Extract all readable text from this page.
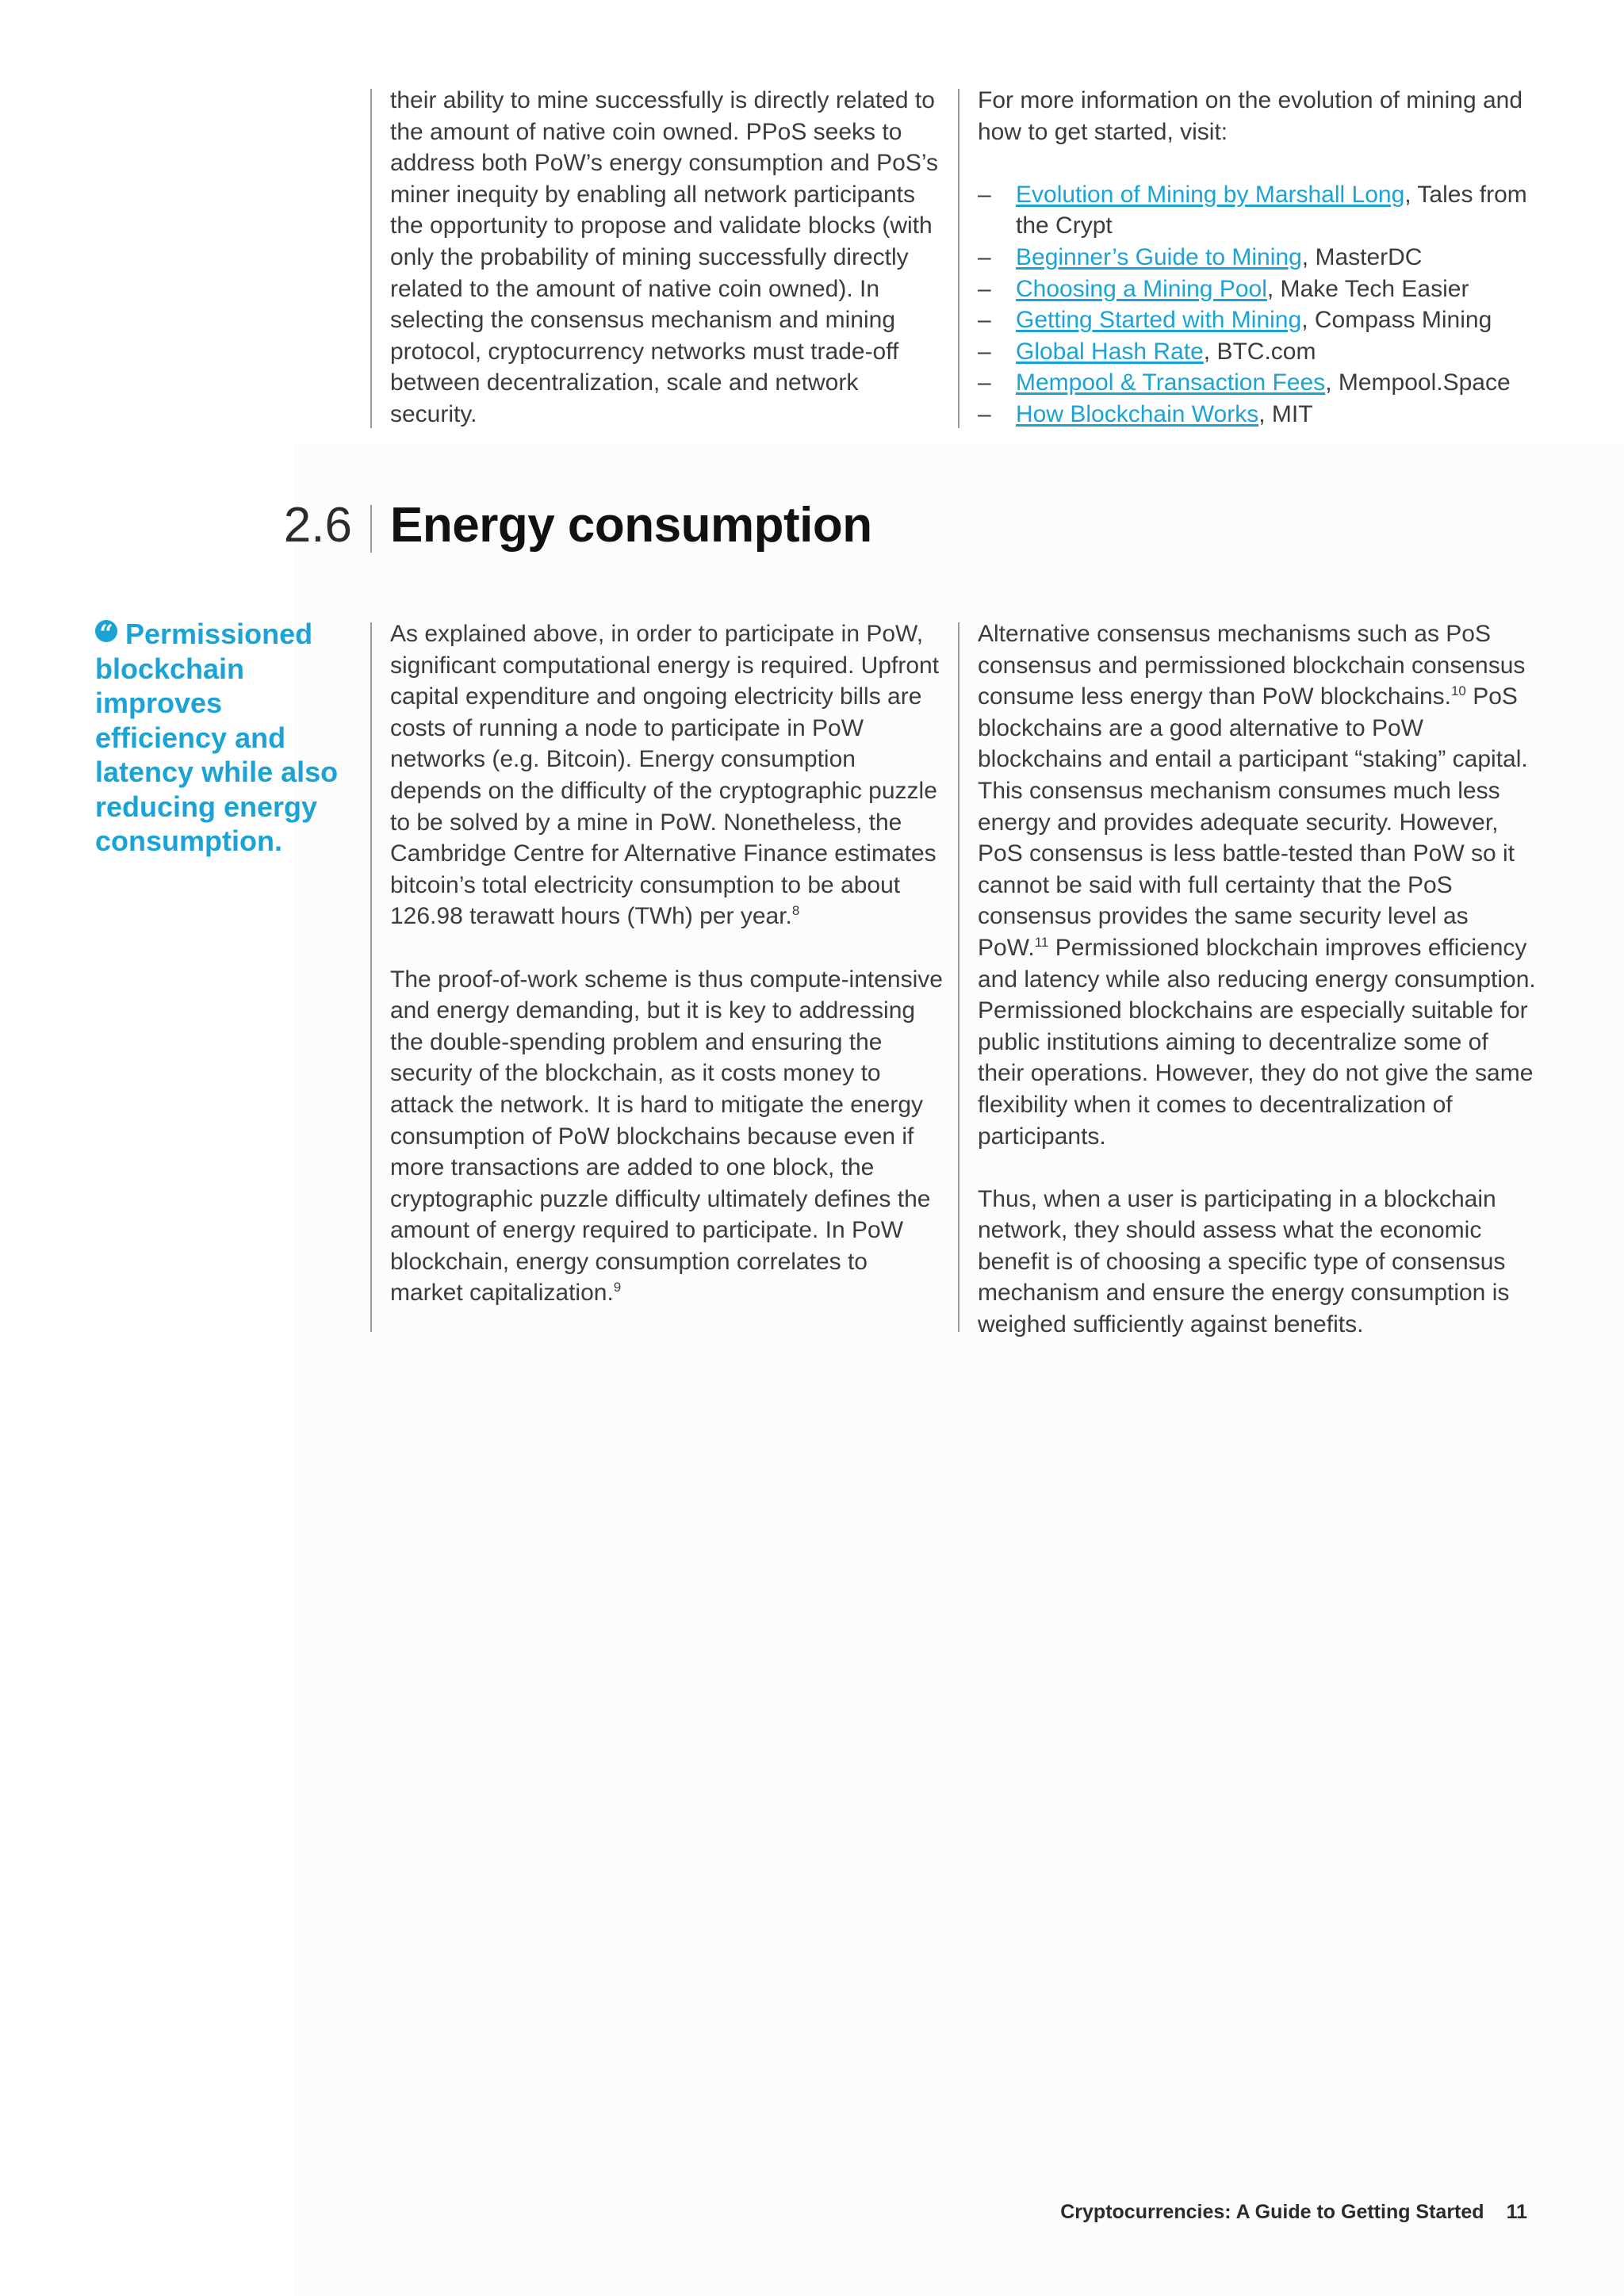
their ability to mine successfully is directly related to the amount of native coin owned. PPoS seeks to address both PoW’s energy consumption and PoS’s miner inequity by enabling all network participants the opportunity to propose and validate blocks (with only the probability of mining successfully directly related to the amount of native coin owned). In selecting the consensus mechanism and mining protocol, cryptocurrency networks must trade-off between decentralization, scale and network security.

For more information on the evolution of mining and how to get started, visit:

– Evolution of Mining by Marshall Long, Tales from the Crypt
– Beginner’s Guide to Mining, MasterDC
– Choosing a Mining Pool, Make Tech Easier
– Getting Started with Mining, Compass Mining
– Global Hash Rate, BTC.com
– Mempool & Transaction Fees, Mempool.Space
– How Blockchain Works, MIT
2.6 Energy consumption
“ Permissioned blockchain improves efficiency and latency while also reducing energy consumption.

As explained above, in order to participate in PoW, significant computational energy is required. Upfront capital expenditure and ongoing electricity bills are costs of running a node to participate in PoW networks (e.g. Bitcoin). Energy consumption depends on the difficulty of the cryptographic puzzle to be solved by a mine in PoW. Nonetheless, the Cambridge Centre for Alternative Finance estimates bitcoin’s total electricity consumption to be about 126.98 terawatt hours (TWh) per year.$^8$

The proof-of-work scheme is thus compute-intensive and energy demanding, but it is key to addressing the double-spending problem and ensuring the security of the blockchain, as it costs money to attack the network. It is hard to mitigate the energy consumption of PoW blockchains because even if more transactions are added to one block, the cryptographic puzzle difficulty ultimately defines the amount of energy required to participate. In PoW blockchain, energy consumption correlates to market capitalization.$^9$

Alternative consensus mechanisms such as PoS consensus and permissioned blockchain consensus consume less energy than PoW blockchains.$^{10}$ PoS blockchains are a good alternative to PoW blockchains and entail a participant “staking” capital. This consensus mechanism consumes much less energy and provides adequate security. However, PoS consensus is less battle-tested than PoW so it cannot be said with full certainty that the PoS consensus provides the same security level as PoW.$^{11}$ Permissioned blockchain improves efficiency and latency while also reducing energy consumption. Permissioned blockchains are especially suitable for public institutions aiming to decentralize some of their operations. However, they do not give the same flexibility when it comes to decentralization of participants.

Thus, when a user is participating in a blockchain network, they should assess what the economic benefit is of choosing a specific type of consensus mechanism and ensure the energy consumption is weighed sufficiently against benefits.

Cryptocurrencies: A Guide to Getting Started 11
